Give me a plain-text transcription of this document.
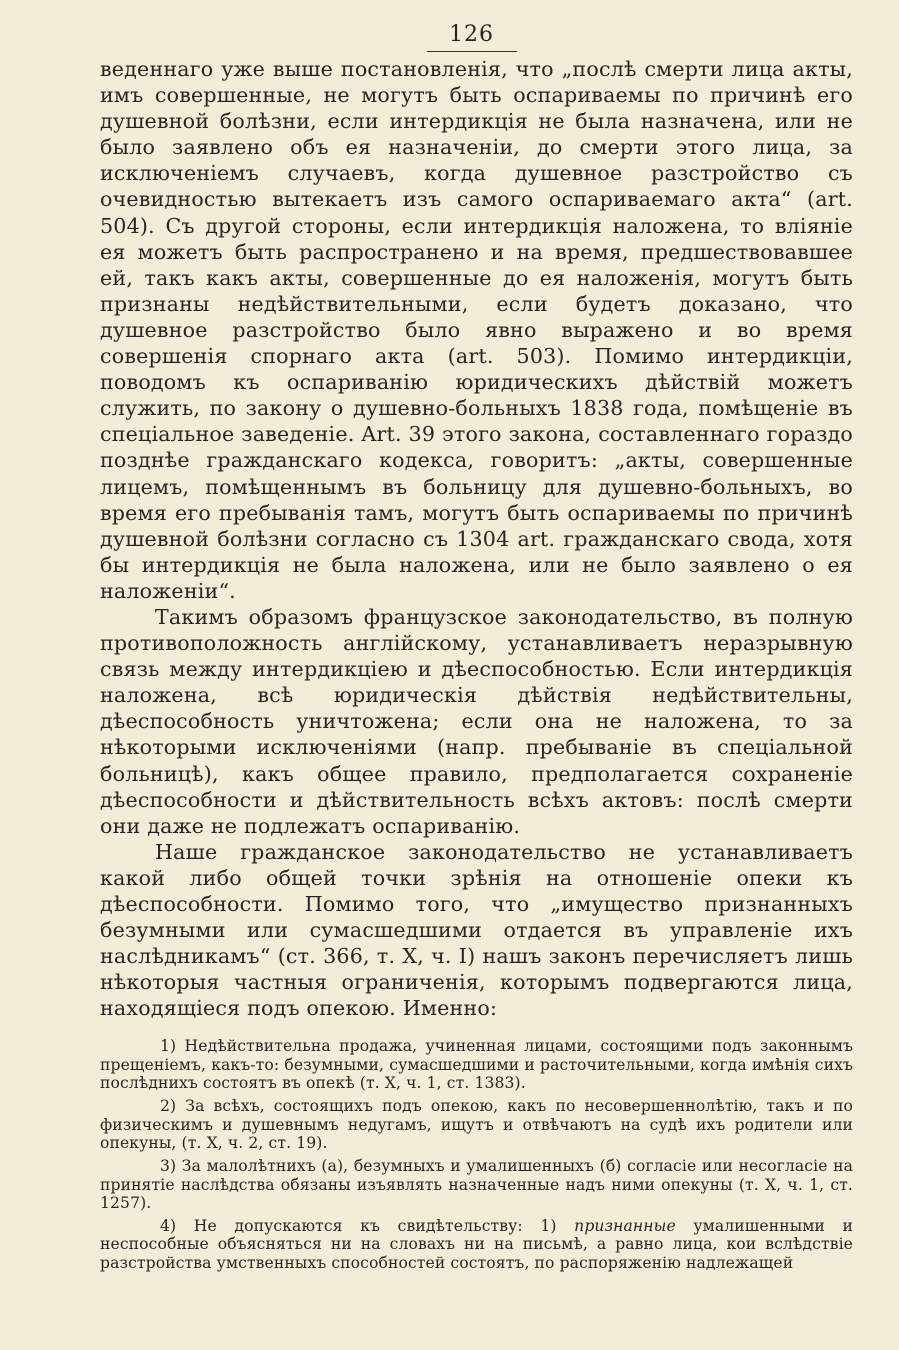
126

веденнаго уже выше постановленія, что „послѣ смерти лица акты, имъ совершенные, не могутъ быть оспариваемы по причинѣ его душевной болѣзни, если интердикція не была назначена, или не было заявлено объ ея назначеніи, до смерти этого лица, за исключеніемъ случаевъ, когда душевное разстройство съ очевидностью вытекаетъ изъ самого оспариваемаго акта“ (art. 504). Съ другой стороны, если интердикція наложена, то вліяніе ея можетъ быть распространено и на время, предшествовавшее ей, такъ какъ акты, совершенные до ея наложенія, могутъ быть признаны недѣйствительными, если будетъ доказано, что душевное разстройство было явно выражено и во время совершенія спорнаго акта (art. 503). Помимо интердикціи, поводомъ къ оспариванію юридическихъ дѣйствій можетъ служить, по закону о душевно-больныхъ 1838 года, помѣщеніе въ спеціальное заведеніе. Art. 39 этого закона, составленнаго гораздо позднѣе гражданскаго кодекса, говоритъ: „акты, совершенные лицемъ, помѣщеннымъ въ больницу для душевно-больныхъ, во время его пребыванія тамъ, могутъ быть оспариваемы по причинѣ душевной болѣзни согласно съ 1304 art. гражданскаго свода, хотя бы интердикція не была наложена, или не было заявлено о ея наложеніи“.

Такимъ образомъ французское законодательство, въ полную противоположность англійскому, устанавливаетъ неразрывную связь между интердикціею и дѣеспособностью. Если интердикція наложена, всѣ юридическія дѣйствія недѣйствительны, дѣеспособность уничтожена; если она не наложена, то за нѣкоторыми исключеніями (напр. пребываніе въ спеціальной больницѣ), какъ общее правило, предполагается сохраненіе дѣеспособности и дѣйствительность всѣхъ актовъ: послѣ смерти они даже не подлежатъ оспариванію.

Наше гражданское законодательство не устанавливаетъ какой либо общей точки зрѣнія на отношеніе опеки къ дѣеспособности. Помимо того, что „имущество признанныхъ безумными или сумасшедшими отдается въ управленіе ихъ наслѣдникамъ“ (ст. 366, т. X, ч. I) нашъ законъ перечисляетъ лишь нѣкоторыя частныя ограниченія, которымъ подвергаются лица, находящіеся подъ опекою. Именно:

1) Недѣйствительна продажа, учиненная лицами, состоящими подъ законнымъ прещеніемъ, какъ-то: безумными, сумасшедшими и расточительными, когда имѣнія сихъ послѣднихъ состоятъ въ опекѣ (т. X, ч. 1, ст. 1383).

2) За всѣхъ, состоящихъ подъ опекою, какъ по несовершеннолѣтію, такъ и по физическимъ и душевнымъ недугамъ, ищутъ и отвѣчаютъ на судѣ ихъ родители или опекуны, (т. X, ч. 2, ст. 19).

3) За малолѣтнихъ (а), безумныхъ и умалишенныхъ (б) согласіе или несогласіе на принятіе наслѣдства обязаны изъявлять назначенные надъ ними опекуны (т. X, ч. 1, ст. 1257).

4) Не допускаются къ свидѣтельству: 1) признанные умалишенными и неспособные объясняться ни на словахъ ни на письмѣ, а равно лица, кои вслѣдствіе разстройства умственныхъ способностей состоятъ, по распоряженію надлежащей
